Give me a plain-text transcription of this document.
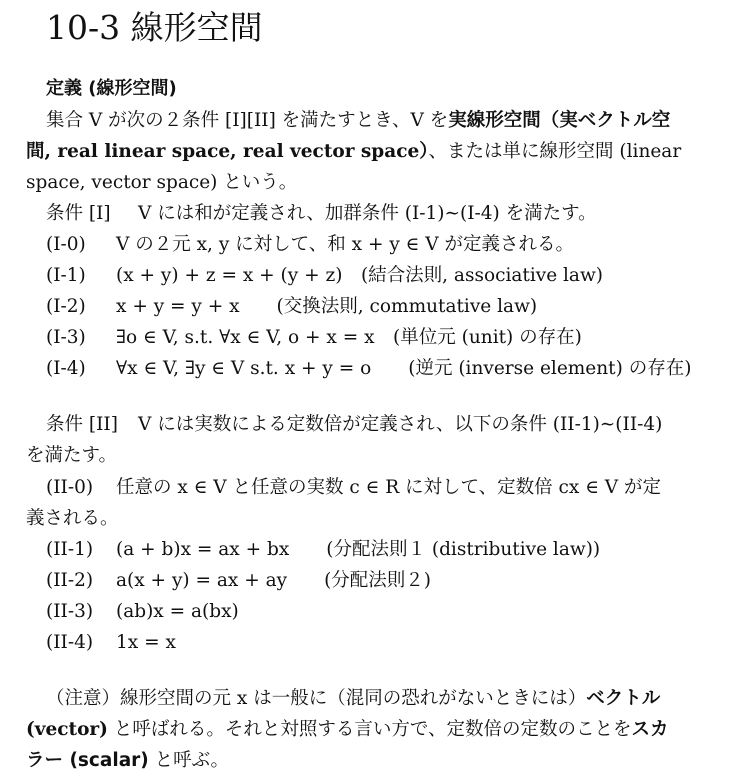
10-3 線形空間
定義 (線形空間)
集合 V が次の２条件 [I][II] を満たすとき、V を実線形空間（実ベクトル空
間, real linear space, real vector space）、または単に線形空間 (linear
space, vector space) という。
条件 [I] V には和が定義され、加群条件 (I-1)∼(I-4) を満たす。
(I-0) V の２元 x, y に対して、和 x + y ∈ V が定義される。
(I-1) (x + y) + z = x + (y + z)　(結合法則, associative law)
(I-2) x + y = y + x　　(交換法則, commutative law)
(I-3) ∃o ∈ V, s.t. ∀x ∈ V, o + x = x　(単位元 (unit) の存在)
(I-4) ∀x ∈ V, ∃y ∈ V s.t. x + y = o　　(逆元 (inverse element) の存在)
条件 [II] V には実数による定数倍が定義され、以下の条件 (II-1)∼(II-4)
を満たす。
(II-0) 任意の x ∈ V と任意の実数 c ∈ R に対して、定数倍 cx ∈ V が定
義される。
(II-1) (a + b)x = ax + bx　　(分配法則１ (distributive law))
(II-2) a(x + y) = ax + ay　　(分配法則２)
(II-3) (ab)x = a(bx)
(II-4) 1x = x
（注意）線形空間の元 x は一般に（混同の恐れがないときには）ベクトル
(vector) と呼ばれる。それと対照する言い方で、定数倍の定数のことをスカ
ラー (scalar) と呼ぶ。
